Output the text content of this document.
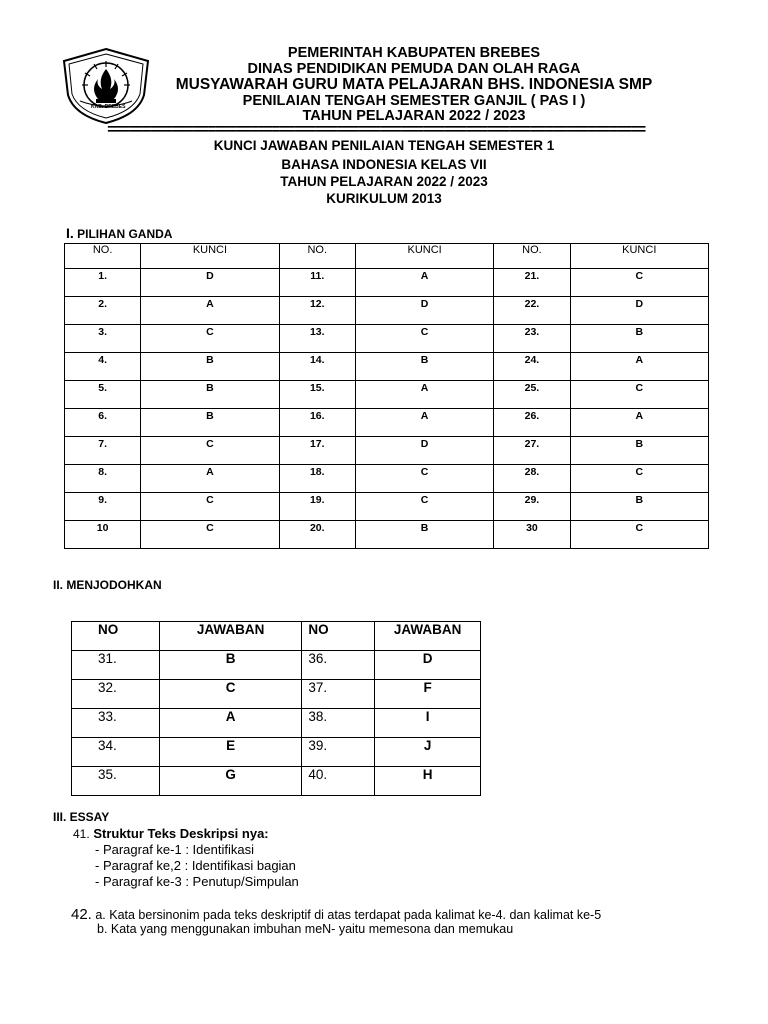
KAB. BREBES
PEMERINTAH KABUPATEN BREBES
DINAS PENDIDIKAN PEMUDA DAN OLAH RAGA
MUSYAWARAH GURU MATA PELAJARAN BHS. INDONESIA SMP
PENILAIAN TENGAH SEMESTER GANJIL ( PAS I )
TAHUN PELAJARAN 2022 / 2023
===========================================================================
KUNCI JAWABAN PENILAIAN TENGAH SEMESTER 1
BAHASA INDONESIA KELAS VII
TAHUN PELAJARAN 2022 / 2023
KURIKULUM 2013
I. PILIHAN GANDA
NO.	KUNCI	NO.	KUNCI	NO.	KUNCI
1.	D	11.	A	21.	C
2.	A	12.	D	22.	D
3.	C	13.	C	23.	B
4.	B	14.	B	24.	A
5.	B	15.	A	25.	C
6.	B	16.	A	26.	A
7.	C	17.	D	27.	B
8.	A	18.	C	28.	C
9.	C	19.	C	29.	B
10	C	20.	B	30	C
II. MENJODOHKAN
NO	JAWABAN	NO	JAWABAN
31.	B	36.	D
32.	C	37.	F
33.	A	38.	I
34.	E	39.	J
35.	G	40.	H
III. ESSAY
41. Struktur Teks Deskripsi nya:
- Paragraf ke-1 : Identifikasi
- Paragraf ke,2 : Identifikasi bagian
- Paragraf ke-3 : Penutup/Simpulan
42. a. Kata bersinonim pada teks deskriptif di atas terdapat pada kalimat ke-4. dan kalimat ke-5
b. Kata yang menggunakan imbuhan meN- yaitu memesona dan memukau
